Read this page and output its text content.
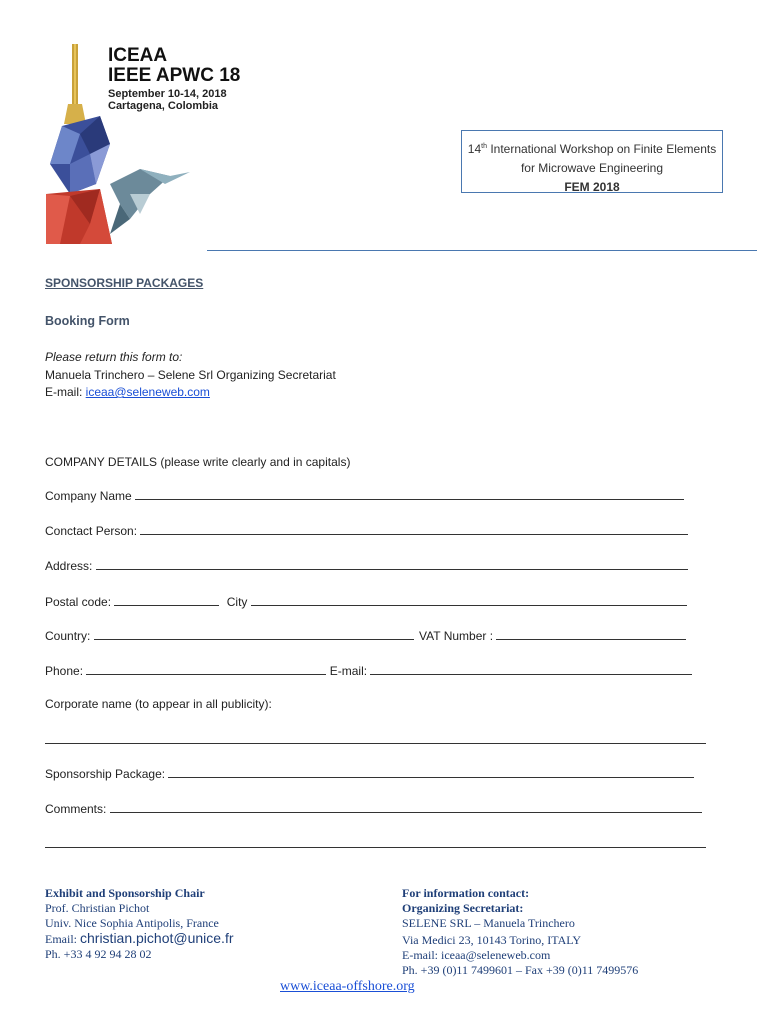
ICEAA
IEEE APWC 18
September 10-14, 2018
Cartagena, Colombia
14th International Workshop on Finite Elements
for Microwave Engineering
FEM 2018
SPONSORSHIP PACKAGES
Booking Form
Please return this form to:
Manuela Trinchero – Selene Srl Organizing Secretariat
E-mail: iceaa@seleneweb.com
COMPANY DETAILS (please write clearly and in capitals)
Company Name
Conctact Person:
Address:
Postal code:	City
Country:	VAT Number :
Phone:	E-mail:
Corporate name (to appear in all publicity):
Sponsorship Package:
Comments:
Exhibit and Sponsorship Chair
Prof. Christian Pichot
Univ. Nice Sophia Antipolis, France
Email: christian.pichot@unice.fr
Ph. +33 4 92 94 28 02
For information contact:
Organizing Secretariat:
SELENE SRL – Manuela Trinchero
Via Medici 23, 10143 Torino, ITALY
E-mail: iceaa@seleneweb.com
Ph. +39 (0)11 7499601 – Fax +39 (0)11 7499576
www.iceaa-offshore.org
